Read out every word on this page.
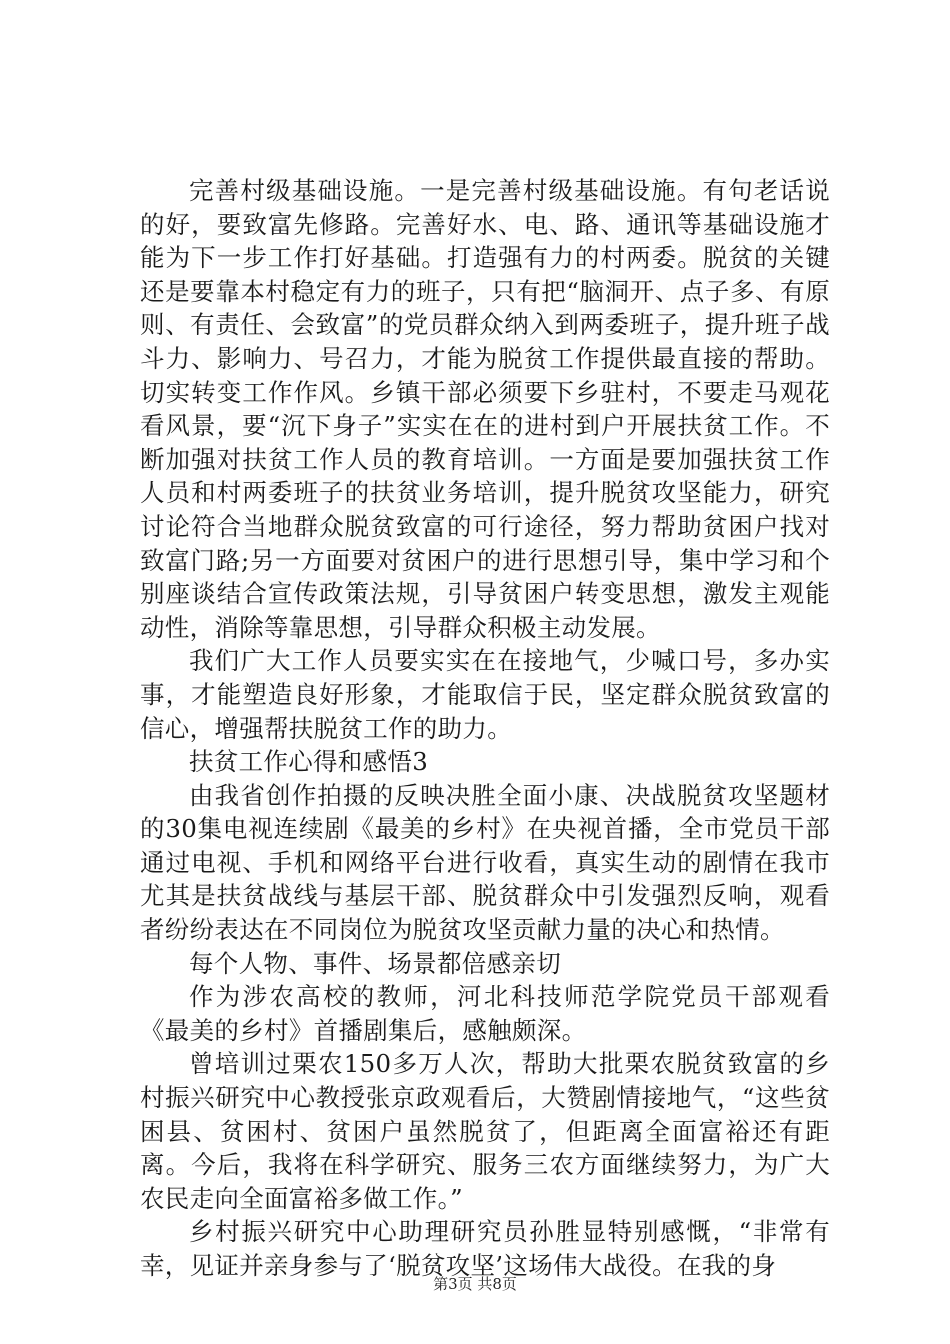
完善村级基础设施。一是完善村级基础设施。有句老话说的好，要致富先修路。完善好水、电、路、通讯等基础设施才能为下一步工作打好基础。打造强有力的村两委。脱贫的关键还是要靠本村稳定有力的班子，只有把“脑洞开、点子多、有原则、有责任、会致富”的党员群众纳入到两委班子，提升班子战斗力、影响力、号召力，才能为脱贫工作提供最直接的帮助。切实转变工作作风。乡镇干部必须要下乡驻村，不要走马观花看风景，要“沉下身子”实实在在的进村到户开展扶贫工作。不断加强对扶贫工作人员的教育培训。一方面是要加强扶贫工作人员和村两委班子的扶贫业务培训，提升脱贫攻坚能力，研究讨论符合当地群众脱贫致富的可行途径，努力帮助贫困户找对致富门路;另一方面要对贫困户的进行思想引导，集中学习和个别座谈结合宣传政策法规，引导贫困户转变思想，激发主观能动性，消除等靠思想，引导群众积极主动发展。

我们广大工作人员要实实在在接地气，少喊口号，多办实事，才能塑造良好形象，才能取信于民，坚定群众脱贫致富的信心，增强帮扶脱贫工作的助力。

扶贫工作心得和感悟3

由我省创作拍摄的反映决胜全面小康、决战脱贫攻坚题材的30集电视连续剧《最美的乡村》在央视首播，全市党员干部通过电视、手机和网络平台进行收看，真实生动的剧情在我市尤其是扶贫战线与基层干部、脱贫群众中引发强烈反响，观看者纷纷表达在不同岗位为脱贫攻坚贡献力量的决心和热情。

每个人物、事件、场景都倍感亲切

作为涉农高校的教师，河北科技师范学院党员干部观看《最美的乡村》首播剧集后，感触颇深。

曾培训过栗农150多万人次，帮助大批栗农脱贫致富的乡村振兴研究中心教授张京政观看后，大赞剧情接地气，“这些贫困县、贫困村、贫困户虽然脱贫了，但距离全面富裕还有距离。今后，我将在科学研究、服务三农方面继续努力，为广大农民走向全面富裕多做工作。”

乡村振兴研究中心助理研究员孙胜显特别感慨，“非常有幸，见证并亲身参与了‘脱贫攻坚’这场伟大战役。在我的身

第3页 共8页
